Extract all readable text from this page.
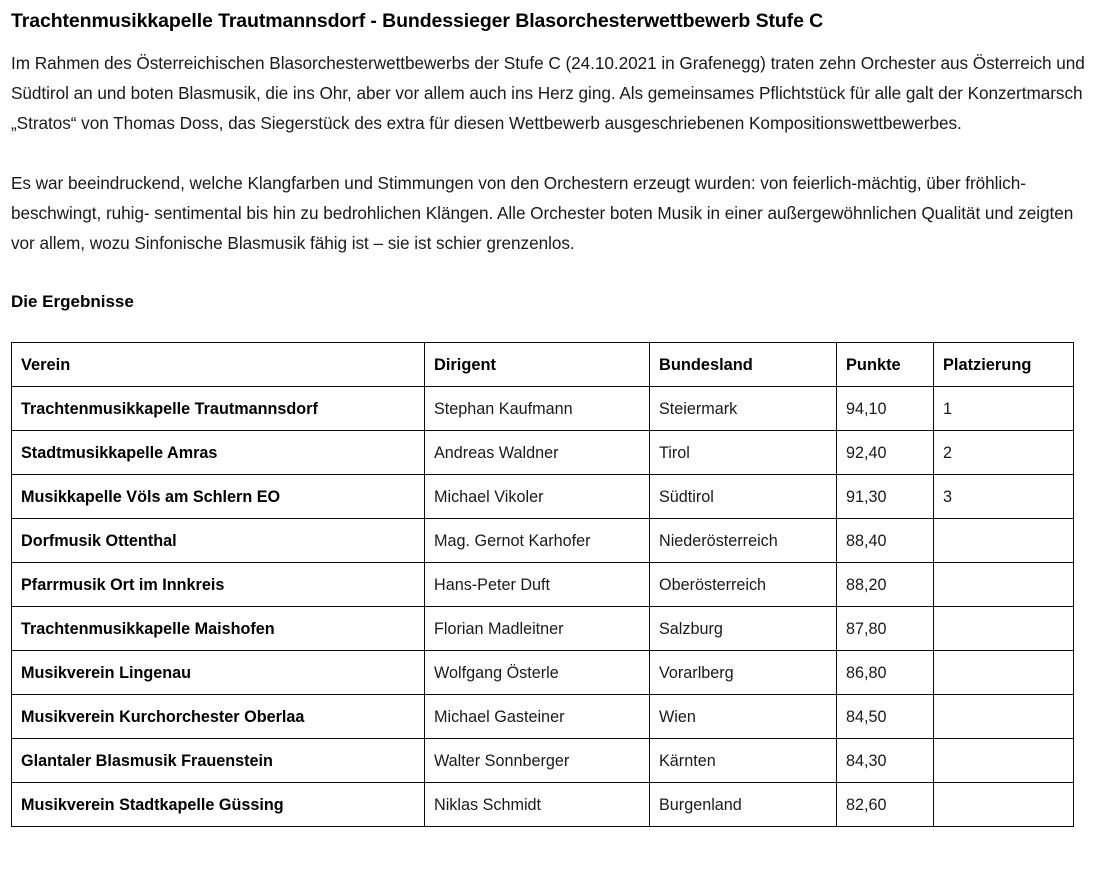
Trachtenmusikkapelle Trautmannsdorf - Bundessieger Blasorchesterwettbewerb Stufe C

Im Rahmen des Österreichischen Blasorchesterwettbewerbs der Stufe C (24.10.2021 in Grafenegg) traten zehn Orchester aus Österreich und Südtirol an und boten Blasmusik, die ins Ohr, aber vor allem auch ins Herz ging. Als gemeinsames Pflichtstück für alle galt der Konzertmarsch „Stratos“ von Thomas Doss, das Siegerstück des extra für diesen Wettbewerb ausgeschriebenen Kompositionswettbewerbes.

Es war beeindruckend, welche Klangfarben und Stimmungen von den Orchestern erzeugt wurden: von feierlich-mächtig, über fröhlich-beschwingt, ruhig- sentimental bis hin zu bedrohlichen Klängen. Alle Orchester boten Musik in einer außergewöhnlichen Qualität und zeigten vor allem, wozu Sinfonische Blasmusik fähig ist – sie ist schier grenzenlos.

Die Ergebnisse
Verein	Dirigent	Bundesland	Punkte	Platzierung
Trachtenmusikkapelle Trautmannsdorf	Stephan Kaufmann	Steiermark	94,10	1
Stadtmusikkapelle Amras	Andreas Waldner	Tirol	92,40	2
Musikkapelle Völs am Schlern EO	Michael Vikoler	Südtirol	91,30	3
Dorfmusik Ottenthal	Mag. Gernot Karhofer	Niederösterreich	88,40	
Pfarrmusik Ort im Innkreis	Hans-Peter Duft	Oberösterreich	88,20	
Trachtenmusikkapelle Maishofen	Florian Madleitner	Salzburg	87,80	
Musikverein Lingenau	Wolfgang Österle	Vorarlberg	86,80	
Musikverein Kurchorchester Oberlaa	Michael Gasteiner	Wien	84,50	
Glantaler Blasmusik Frauenstein	Walter Sonnberger	Kärnten	84,30	
Musikverein Stadtkapelle Güssing	Niklas Schmidt	Burgenland	82,60	
